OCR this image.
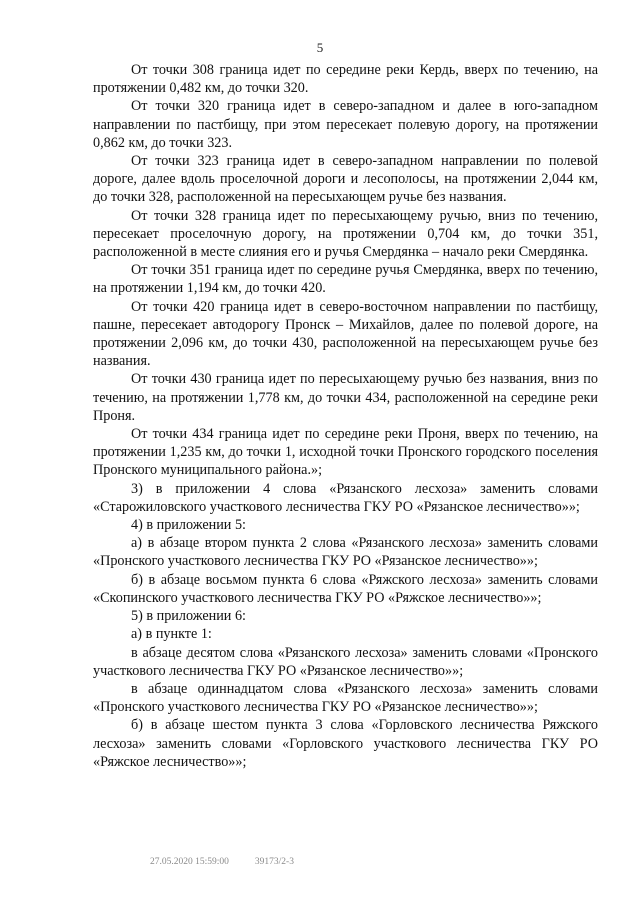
5

От точки 308 граница идет по середине реки Кердь, вверх по течению, на протяжении 0,482 км, до точки 320.

От точки 320 граница идет в северо-западном и далее в юго-западном направлении по пастбищу, при этом пересекает полевую дорогу, на протяжении 0,862 км, до точки 323.

От точки 323 граница идет в северо-западном направлении по полевой дороге, далее вдоль проселочной дороги и лесополосы, на протяжении 2,044 км, до точки 328, расположенной на пересыхающем ручье без названия.

От точки 328 граница идет по пересыхающему ручью, вниз по течению, пересекает проселочную дорогу, на протяжении 0,704 км, до точки 351, расположенной в месте слияния его и ручья Смердянка – начало реки Смердянка.

От точки 351 граница идет по середине ручья Смердянка, вверх по течению, на протяжении 1,194 км, до точки 420.

От точки 420 граница идет в северо-восточном направлении по пастбищу, пашне, пересекает автодорогу Пронск – Михайлов, далее по полевой дороге, на протяжении 2,096 км, до точки 430, расположенной на пересыхающем ручье без названия.

От точки 430 граница идет по пересыхающему ручью без названия, вниз по течению, на протяжении 1,778 км, до точки 434, расположенной на середине реки Проня.

От точки 434 граница идет по середине реки Проня, вверх по течению, на протяжении 1,235 км, до точки 1, исходной точки Пронского городского поселения Пронского муниципального района.»;

3) в приложении 4 слова «Рязанского лесхоза» заменить словами «Старожиловского участкового лесничества ГКУ РО «Рязанское лесничество»»;

4) в приложении 5:

а) в абзаце втором пункта 2 слова «Рязанского лесхоза» заменить словами «Пронского участкового лесничества ГКУ РО «Рязанское лесничество»»;

б) в абзаце восьмом пункта 6 слова «Ряжского лесхоза» заменить словами «Скопинского участкового лесничества ГКУ РО «Ряжское лесничество»»;

5) в приложении 6:

а) в пункте 1:

в абзаце десятом слова «Рязанского лесхоза» заменить словами «Пронского участкового лесничества ГКУ РО «Рязанское лесничество»»;

в абзаце одиннадцатом слова «Рязанского лесхоза» заменить словами «Пронского участкового лесничества ГКУ РО «Рязанское лесничество»»;

б) в абзаце шестом пункта 3 слова «Горловского лесничества Ряжского лесхоза» заменить словами «Горловского участкового лесничества ГКУ РО «Ряжское лесничество»»;

27.05.2020 15:59:00	39173/2-3
